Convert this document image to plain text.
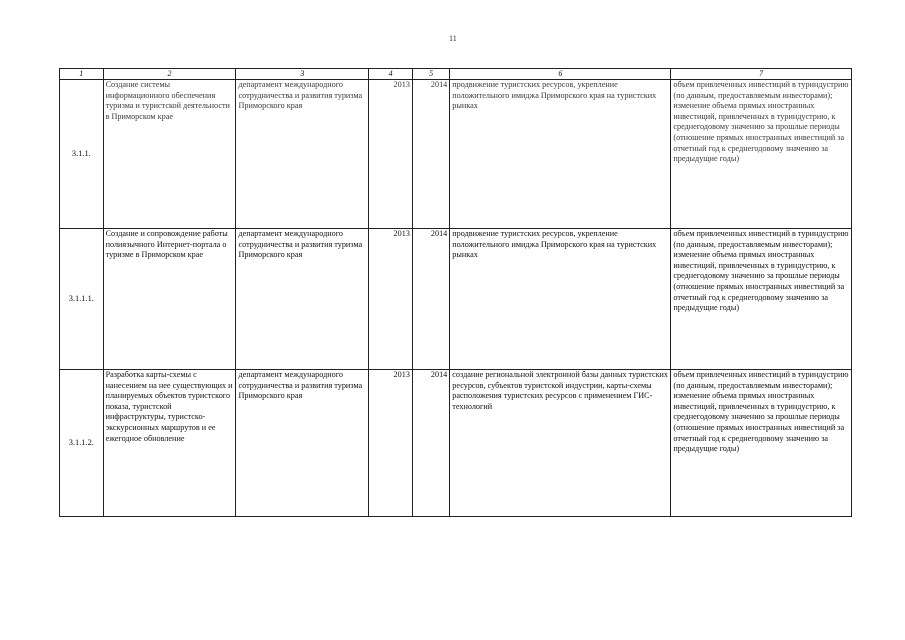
11
1	2	3	4	5	6	7
3.1.1.	Создание системы информационного обеспечения туризма и туристской деятельности в Приморском крае	департамент международного сотрудничества и развития туризма Приморского края	2013	2014	продвижение туристских ресурсов, укрепление положительного имиджа Приморского края на туристских рынках	объем привлеченных инвестиций в туриндустрию (по данным, предоставляемым инвесторами); изменение объема прямых иностранных инвестиций, привлеченных в туриндустрию, к среднегодовому значению за прошлые периоды (отношение прямых иностранных инвестиций за отчетный год к среднегодовому значению за предыдущие годы)
3.1.1.1.	Создание и сопровождение работы полиязычного Интернет-портала о туризме в Приморском крае	департамент международного сотрудничества и развития туризма Приморского края	2013	2014	продвижение туристских ресурсов, укрепление положительного имиджа Приморского края на туристских рынках	объем привлеченных инвестиций в туриндустрию (по данным, предоставляемым инвесторами); изменение объема прямых иностранных инвестиций, привлеченных в туриндустрию, к среднегодовому значению за прошлые периоды (отношение прямых иностранных инвестиций за отчетный год к среднегодовому значению за предыдущие годы)
3.1.1.2.	Разработка карты-схемы с нанесением на нее существующих и планируемых объектов туристского показа, туристской инфраструктуры, туристско-экскурсионных маршрутов и ее ежегодное обновление	департамент международного сотрудничества и развития туризма Приморского края	2013	2014	создание региональной электронной базы данных туристских ресурсов, субъектов туристской индустрии, карты-схемы расположения туристских ресурсов с применением ГИС-технологий	объем привлеченных инвестиций в туриндустрию (по данным, предоставляемым инвесторами); изменение объема прямых иностранных инвестиций, привлеченных в туриндустрию, к среднегодовому значению за прошлые периоды (отношение прямых иностранных инвестиций за отчетный год к среднегодовому значению за предыдущие годы)
